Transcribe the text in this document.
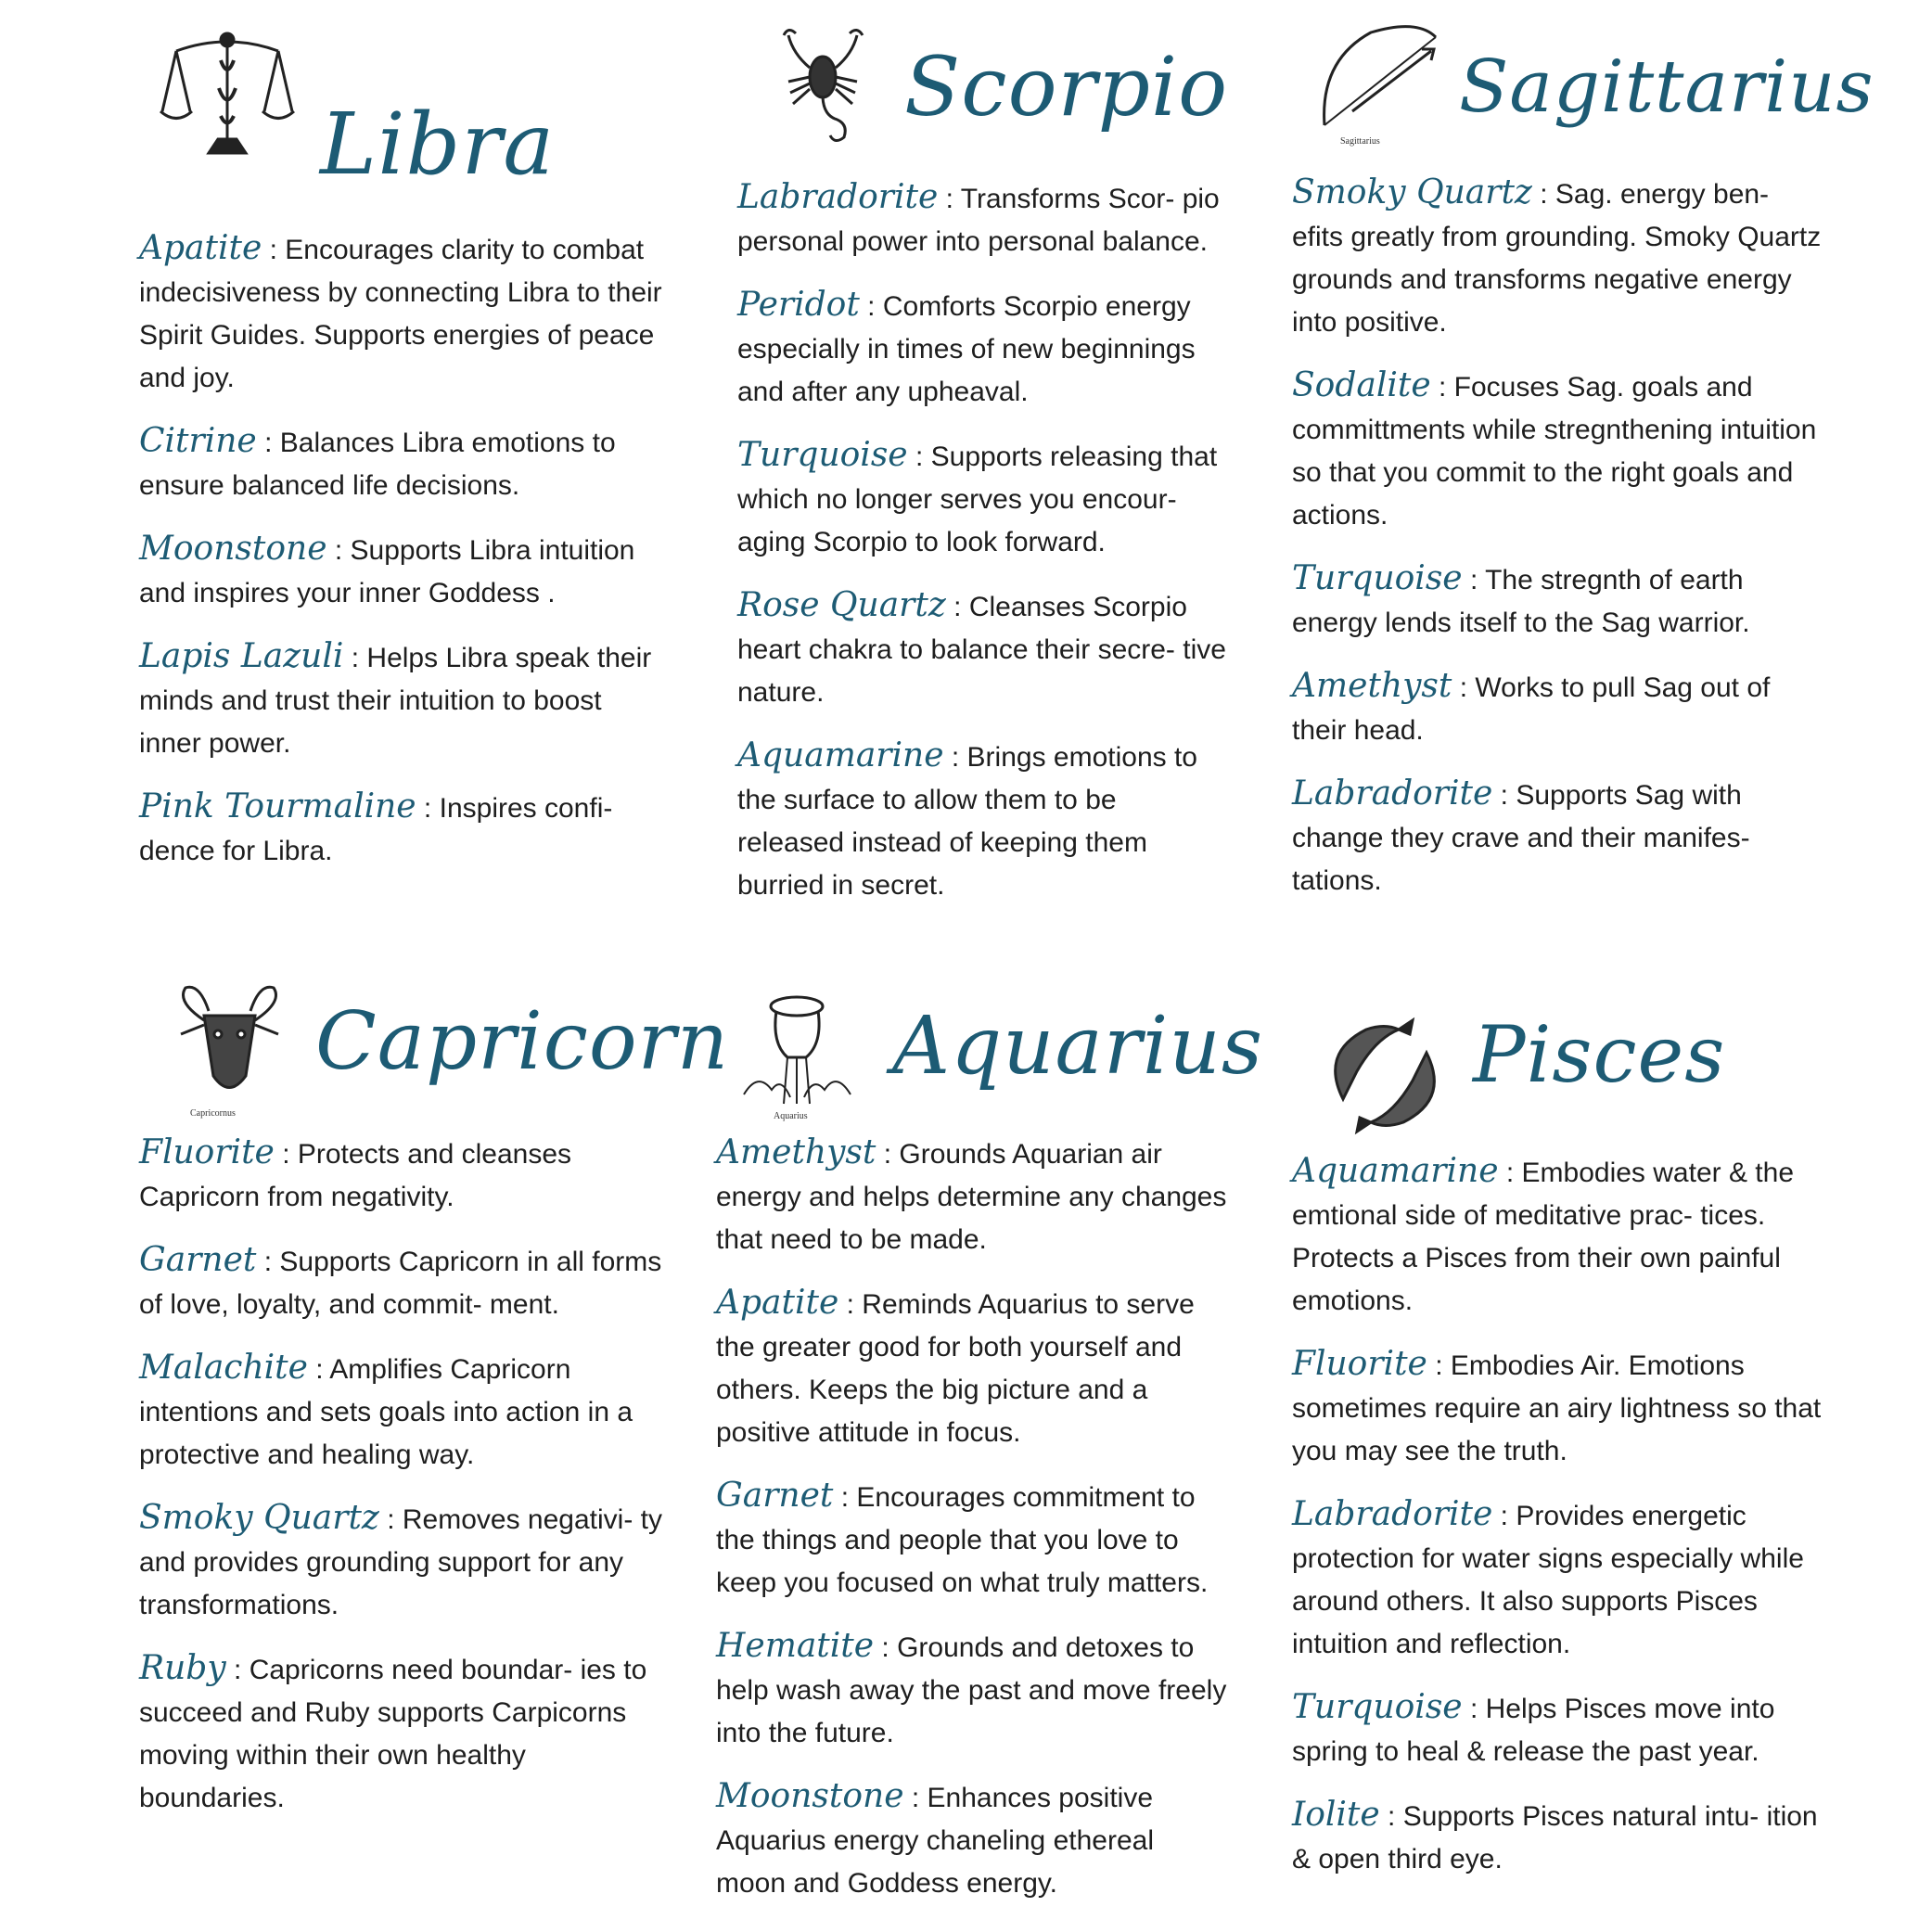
Libra

Apatite : Encourages clarity to combat indecisiveness by connecting Libra to their Spirit Guides. Supports energies of peace and joy.

Citrine : Balances Libra emotions to ensure balanced life decisions.

Moonstone : Supports Libra intuition and inspires your inner Goddess .

Lapis Lazuli : Helps Libra speak their minds and trust their intuition to boost inner power.

Pink Tourmaline : Inspires confi- dence for Libra.

Scorpio

Labradorite : Transforms Scor- pio personal power into personal balance.

Peridot : Comforts Scorpio energy especially in times of new beginnings and after any upheaval.

Turquoise : Supports releasing that which no longer serves you encour- aging Scorpio to look forward.

Rose Quartz : Cleanses Scorpio heart chakra to balance their secre- tive nature.

Aquamarine : Brings emotions to the surface to allow them to be released instead of keeping them burried in secret.

Sagittarius
Sagittarius

Smoky Quartz : Sag. energy ben- efits greatly from grounding. Smoky Quartz grounds and transforms negative energy into positive.

Sodalite : Focuses Sag. goals and committments while stregnthening intuition so that you commit to the right goals and actions.

Turquoise : The stregnth of earth energy lends itself to the Sag warrior.

Amethyst : Works to pull Sag out of their head.

Labradorite : Supports Sag with change they crave and their manifes- tations.

Capricornus
Capricorn

Fluorite : Protects and cleanses Capricorn from negativity.

Garnet : Supports Capricorn in all forms of love, loyalty, and commit- ment.

Malachite : Amplifies Capricorn intentions and sets goals into action in a protective and healing way.

Smoky Quartz : Removes negativi- ty and provides grounding support for any transformations.

Ruby : Capricorns need boundar- ies to succeed and Ruby supports Carpicorns moving within their own healthy boundaries.

Aquarius
Aquarius

Amethyst : Grounds Aquarian air energy and helps determine any changes that need to be made.

Apatite : Reminds Aquarius to serve the greater good for both yourself and others. Keeps the big picture and a positive attitude in focus.

Garnet : Encourages commitment to the things and people that you love to keep you focused on what truly matters.

Hematite : Grounds and detoxes to help wash away the past and move freely into the future.

Moonstone : Enhances positive Aquarius energy chaneling ethereal moon and Goddess energy.

Pisces

Aquamarine : Embodies water & the emtional side of meditative prac- tices. Protects a Pisces from their own painful emotions.

Fluorite : Embodies Air. Emotions sometimes require an airy lightness so that you may see the truth.

Labradorite : Provides energetic protection for water signs especially while around others. It also supports Pisces intuition and reflection.

Turquoise : Helps Pisces move into spring to heal & release the past year.

Iolite : Supports Pisces natural intu- ition & open third eye.
